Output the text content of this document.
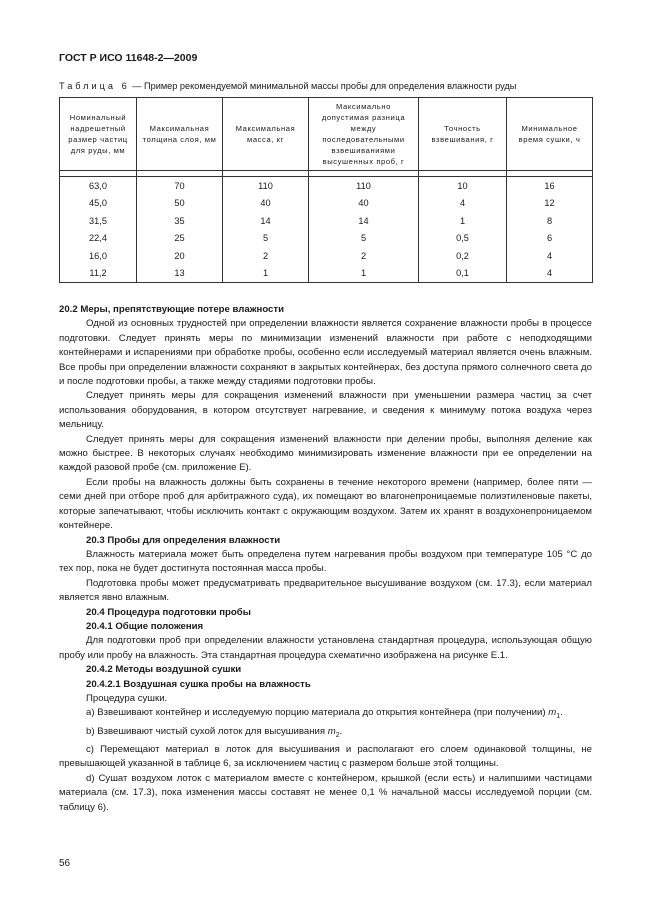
ГОСТ Р ИСО 11648-2—2009
Таблица 6 — Пример рекомендуемой минимальной массы пробы для определения влажности руды
Номинальный надрешетный размер частиц для руды, мм	Максимальная толщина слоя, мм	Максимальная масса, кг	Максимально допустимая разница между последовательными взвешиваниями высушенных проб, г	Точность взвешивания, г	Минимальное время сушки, ч

63,0	70	110	110	10	16
45,0	50	40	40	4	12
31,5	35	14	14	1	8
22,4	25	5	5	0,5	6
16,0	20	2	2	0,2	4
11,2	13	1	1	0,1	4

20.2 Меры, препятствующие потере влажности

Одной из основных трудностей при определении влажности является сохранение влажности пробы в процессе подготовки. Следует принять меры по минимизации изменений влажности при работе с неподходящими контейнерами и испарениями при обработке пробы, особенно если исследуемый материал является очень влажным. Все пробы при определении влажности сохраняют в закрытых контейнерах, без доступа прямого солнечного света до и после подготовки пробы, а также между стадиями подготовки пробы.

Следует принять меры для сокращения изменений влажности при уменьшении размера частиц за счет использования оборудования, в котором отсутствует нагревание, и сведения к минимуму потока воздуха через мельницу.

Следует принять меры для сокращения изменений влажности при делении пробы, выполняя деление как можно быстрее. В некоторых случаях необходимо минимизировать изменение влажности при ее определении на каждой разовой пробе (см. приложение Е).

Если пробы на влажность должны быть сохранены в течение некоторого времени (например, более пяти — семи дней при отборе проб для арбитражного суда), их помещают во влагонепроницаемые полиэтиленовые пакеты, которые запечатывают, чтобы исключить контакт с окружающим воздухом. Затем их хранят в воздухонепроницаемом контейнере.

20.3 Пробы для определения влажности

Влажность материала может быть определена путем нагревания пробы воздухом при температуре 105 °С до тех пор, пока не будет достигнута постоянная масса пробы.

Подготовка пробы может предусматривать предварительное высушивание воздухом (см. 17.3), если материал является явно влажным.

20.4 Процедура подготовки пробы

20.4.1 Общие положения

Для подготовки проб при определении влажности установлена стандартная процедура, использующая общую пробу или пробу на влажность. Эта стандартная процедура схематично изображена на рисунке Е.1.

20.4.2 Методы воздушной сушки

20.4.2.1 Воздушная сушка пробы на влажность

Процедура сушки.

a) Взвешивают контейнер и исследуемую порцию материала до открытия контейнера (при получении) $m_1$.

b) Взвешивают чистый сухой лоток для высушивания $m_2$.

c) Перемещают материал в лоток для высушивания и располагают его слоем одинаковой толщины, не превышающей указанной в таблице 6, за исключением частиц с размером больше этой толщины.

d) Сушат воздухом лоток с материалом вместе с контейнером, крышкой (если есть) и налипшими частицами материала (см. 17.3), пока изменения массы составят не менее 0,1 % начальной массы исследуемой порции (см. таблицу 6).

56
